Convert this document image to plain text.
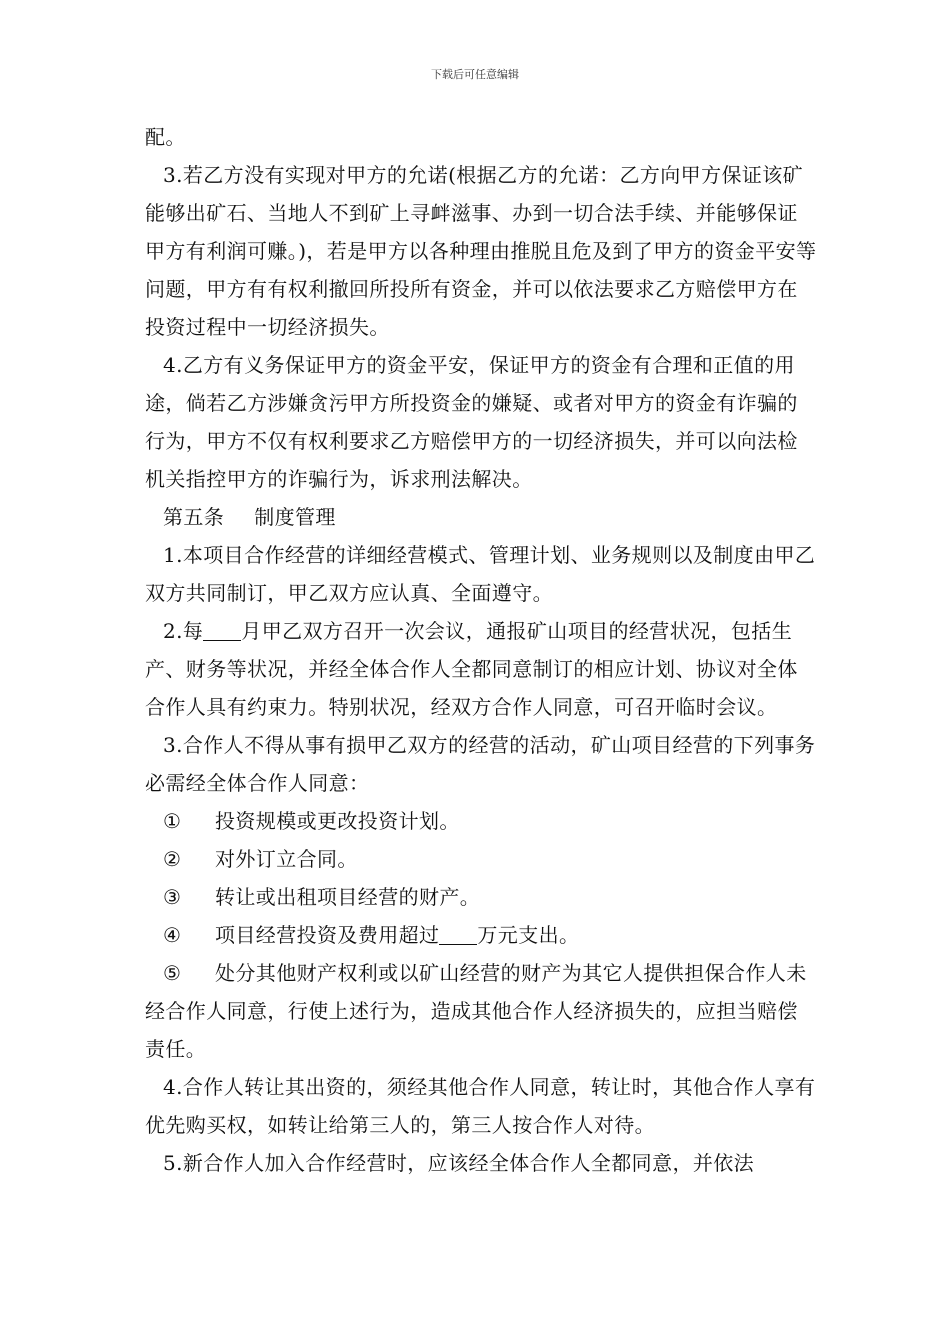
下载后可任意编辑

配。

3.若乙方没有实现对甲方的允诺(根据乙方的允诺：乙方向甲方保证该矿能够出矿石、当地人不到矿上寻衅滋事、办到一切合法手续、并能够保证甲方有利润可赚。)，若是甲方以各种理由推脱且危及到了甲方的资金平安等问题，甲方有有权利撤回所投所有资金，并可以依法要求乙方赔偿甲方在投资过程中一切经济损失。

4.乙方有义务保证甲方的资金平安，保证甲方的资金有合理和正值的用途，倘若乙方涉嫌贪污甲方所投资金的嫌疑、或者对甲方的资金有诈骗的行为，甲方不仅有权利要求乙方赔偿甲方的一切经济损失，并可以向法检机关指控甲方的诈骗行为，诉求刑法解决。

第五条 制度管理

1.本项目合作经营的详细经营模式、管理计划、业务规则以及制度由甲乙双方共同制订，甲乙双方应认真、全面遵守。

2.每 月甲乙双方召开一次会议，通报矿山项目的经营状况，包括生产、财务等状况，并经全体合作人全都同意制订的相应计划、协议对全体合作人具有约束力。特别状况，经双方合作人同意，可召开临时会议。

3.合作人不得从事有损甲乙双方的经营的活动，矿山项目经营的下列事务必需经全体合作人同意：

① 投资规模或更改投资计划。

② 对外订立合同。

③ 转让或出租项目经营的财产。

④ 项目经营投资及费用超过 万元支出。

⑤ 处分其他财产权利或以矿山经营的财产为其它人提供担保合作人未经合作人同意，行使上述行为，造成其他合作人经济损失的，应担当赔偿责任。

4.合作人转让其出资的，须经其他合作人同意，转让时，其他合作人享有优先购买权，如转让给第三人的，第三人按合作人对待。

5.新合作人加入合作经营时，应该经全体合作人全都同意，并依法
